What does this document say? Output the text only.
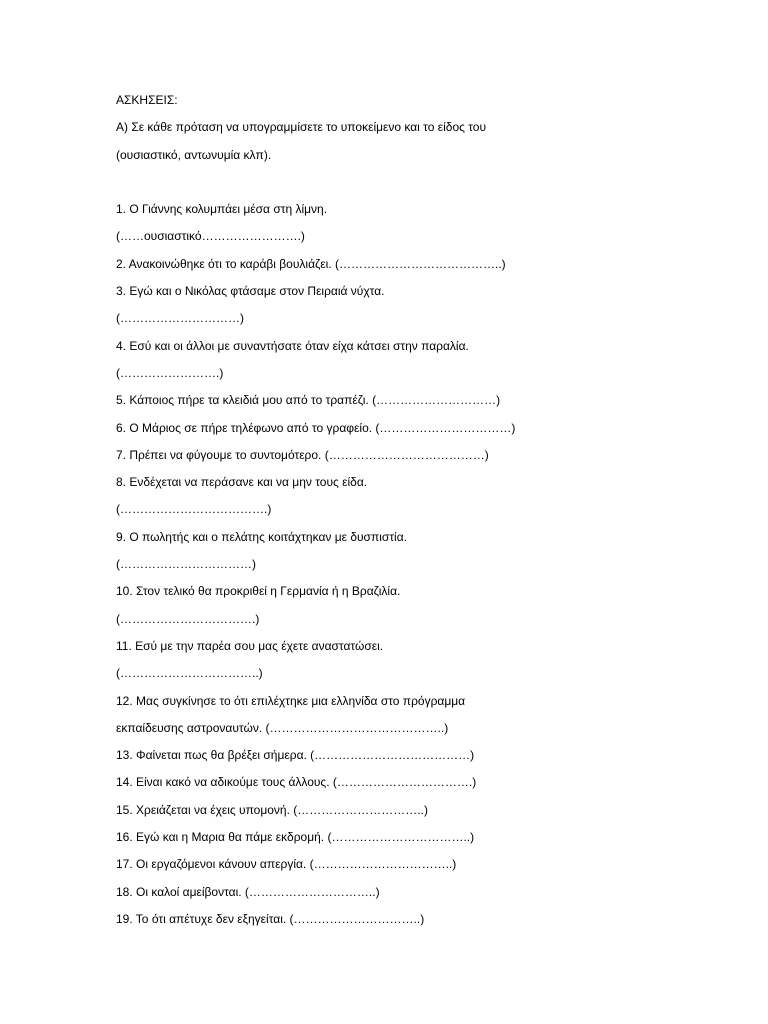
ΑΣΚΗΣΕΙΣ:
Α) Σε κάθε πρόταση να υπογραμμίσετε το υποκείμενο και το είδος του
(ουσιαστικό, αντωνυμία κλπ).
1. Ο Γιάννης κολυμπάει μέσα στη λίμνη.
(……ουσιαστικό…………………….)
2. Ανακοινώθηκε ότι το καράβι βουλιάζει. (…………………………………..)
3. Εγώ και ο Νικόλας φτάσαμε στον Πειραιά νύχτα.
(…………………………)
4. Εσύ και οι άλλοι με συναντήσατε όταν είχα κάτσει στην παραλία.
(…………………….)
5. Κάποιος πήρε τα κλειδιά μου από το τραπέζι. (…………………………)
6. Ο Μάριος σε πήρε τηλέφωνο από το γραφείο. (……………………………)
7. Πρέπει να φύγουμε το συντομότερο. (…………………………………)
8. Ενδέχεται να περάσανε και να μην τους είδα.
(……………………………….)
9. Ο πωλητής και ο πελάτης κοιτάχτηκαν με δυσπιστία.
(……………………………)
10. Στον τελικό θα προκριθεί η Γερμανία ή η Βραζιλία.
(…………………………….)
11. Εσύ με την παρέα σου μας έχετε αναστατώσει.
(……………………………..)
12. Μας συγκίνησε το ότι επιλέχτηκε μια ελληνίδα στο πρόγραμμα
εκπαίδευσης αστροναυτών. (……………………………………..)
13. Φαίνεται πως θα βρέξει σήμερα. (…………………………………)
14. Είναι κακό να αδικούμε τους άλλους. (…………………………….)
15. Χρειάζεται να έχεις υπομονή. (…………………………..)
16. Εγώ και η Μαρια θα πάμε εκδρομή. (……………………………..)
17. Οι εργαζόμενοι κάνουν απεργία. (……………………………..)
18. Οι καλοί αμείβονται. (…………………………..)
19. Το ότι απέτυχε δεν εξηγείται. (…………………………..)
